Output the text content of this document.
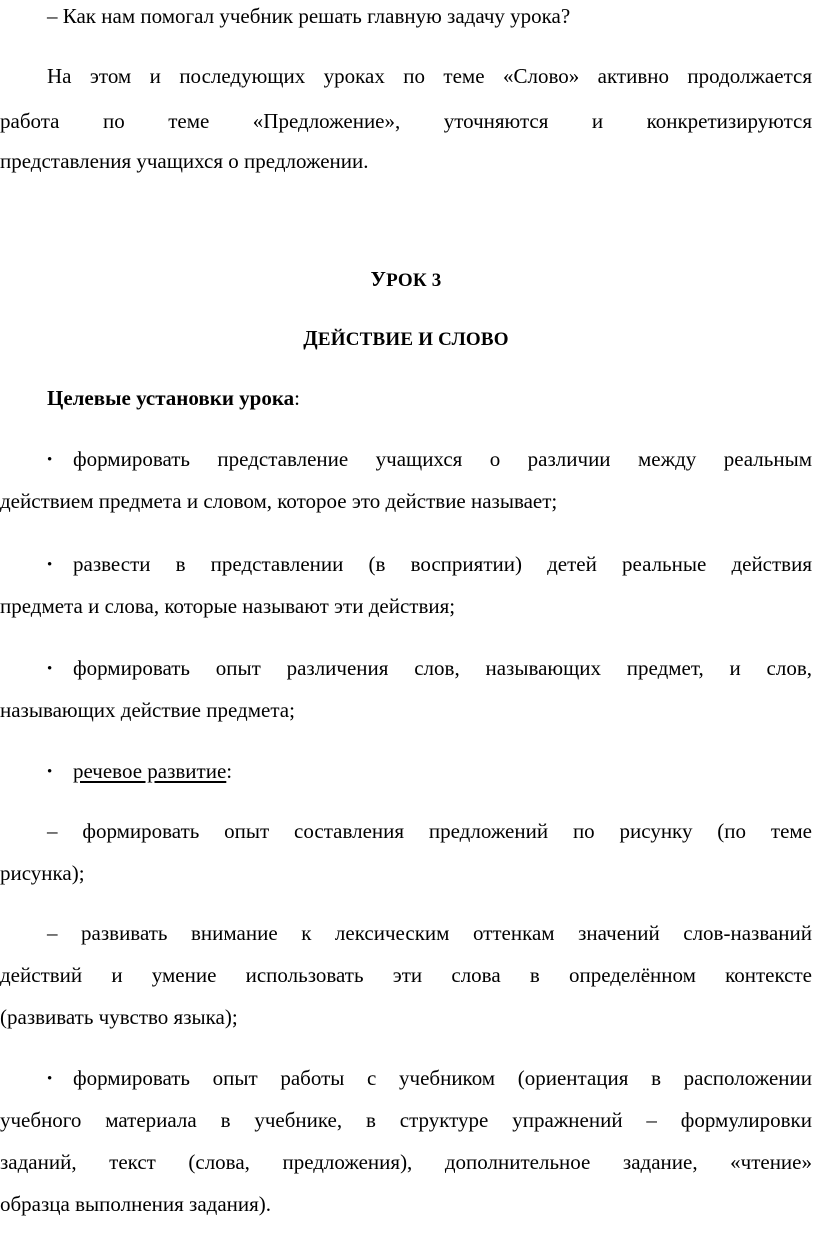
– Как нам помогал учебник решать главную задачу урока?
На этом и последующих уроках по теме «Слово» активно продолжается
работа по теме «Предложение», уточняются и конкретизируются
представления учащихся о предложении.
УРОК 3
ДЕЙСТВИЕ И СЛОВО
Целевые установки урока:
• формировать представление учащихся о различии между реальным
действием предмета и словом, которое это действие называет;
• развести в представлении (в восприятии) детей реальные действия
предмета и слова, которые называют эти действия;
• формировать опыт различения слов, называющих предмет, и слов,
называющих действие предмета;
• речевое развитие:
– формировать опыт составления предложений по рисунку (по теме
рисунка);
– развивать внимание к лексическим оттенкам значений слов-названий
действий и умение использовать эти слова в определённом контексте
(развивать чувство языка);
• формировать опыт работы с учебником (ориентация в расположении
учебного материала в учебнике, в структуре упражнений – формулировки
заданий, текст (слова, предложения), дополнительное задание, «чтение»
образца выполнения задания).
